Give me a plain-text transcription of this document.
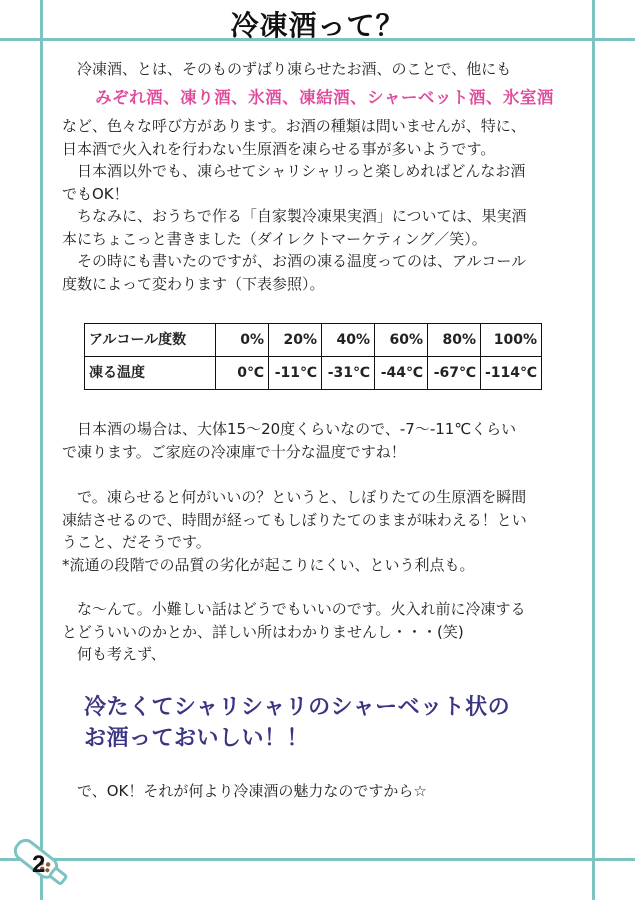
冷凍酒って？

冷凍酒、とは、そのものずばり凍らせたお酒、のことで、他にも

みぞれ酒、凍り酒、氷酒、凍結酒、シャーベット酒、氷室酒

など、色々な呼び方があります。お酒の種類は問いませんが、特に、

日本酒で火入れを行わない生原酒を凍らせる事が多いようです。

日本酒以外でも、凍らせてシャリシャリっと楽しめればどんなお酒

でもOK！

ちなみに、おうちで作る「自家製冷凍果実酒」については、果実酒

本にちょこっと書きました（ダイレクトマーケティング／笑）。

その時にも書いたのですが、お酒の凍る温度ってのは、アルコール

度数によって変わります（下表参照）。

アルコール度数	0%	20%	40%	60%	80%	100%
凍る温度	0℃	-11℃	-31℃	-44℃	-67℃	-114℃

日本酒の場合は、大体15～20度くらいなので、-7～-11℃くらい

で凍ります。ご家庭の冷凍庫で十分な温度ですね！

で。凍らせると何がいいの？というと、しぼりたての生原酒を瞬間

凍結させるので、時間が経ってもしぼりたてのままが味わえる！とい

うこと、だそうです。

*流通の段階での品質の劣化が起こりにくい、という利点も。

な～んて。小難しい話はどうでもいいのです。火入れ前に冷凍する

とどういいのかとか、詳しい所はわかりませんし・・・(笑)

何も考えず、

冷たくてシャリシャリのシャーベット状の
お酒っておいしい！！

で、OK！それが何より冷凍酒の魅力なのですから☆

2
